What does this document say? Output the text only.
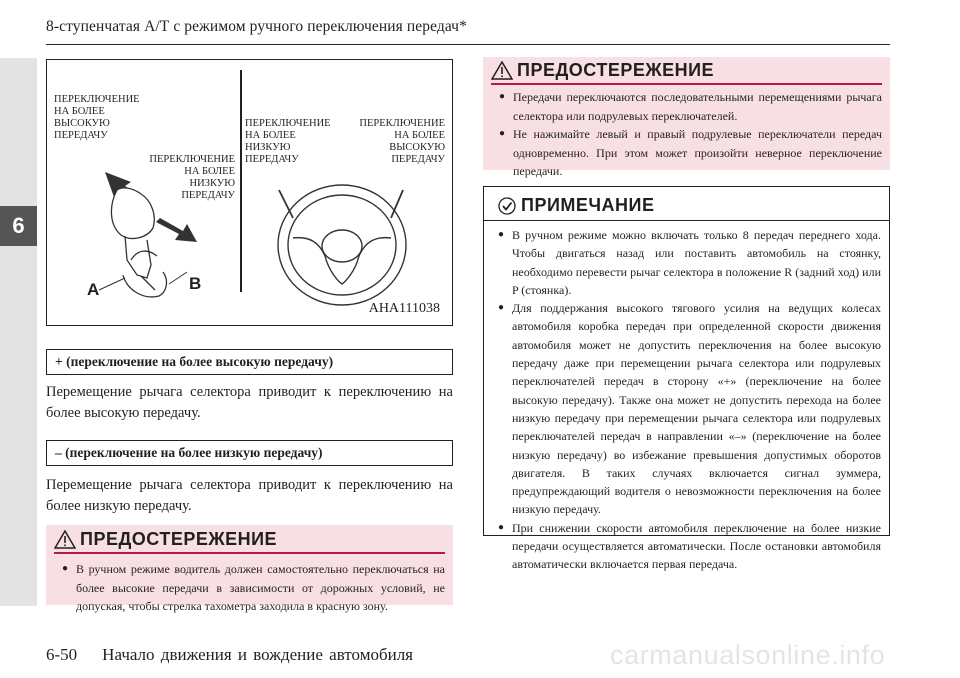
8-ступенчатая А/Т с режимом ручного переключения передач*
6
ПЕРЕКЛЮЧЕНИЕ
НА БОЛЕЕ
ВЫСОКУЮ
ПЕРЕДАЧУ
ПЕРЕКЛЮЧЕНИЕ
НА БОЛЕЕ
НИЗКУЮ
ПЕРЕДАЧУ
ПЕРЕКЛЮЧЕНИЕ
НА БОЛЕЕ
НИЗКУЮ
ПЕРЕДАЧУ
ПЕРЕКЛЮЧЕНИЕ
НА БОЛЕЕ
ВЫСОКУЮ
ПЕРЕДАЧУ
A	B
AHA111038
+ (переключение на более высокую передачу)
Перемещение рычага селектора приводит к переключению на более высокую передачу.
– (переключение на более низкую передачу)
Перемещение рычага селектора приводит к переключению на более низкую передачу.
ПРЕДОСТЕРЕЖЕНИЕ
● В ручном режиме водитель должен самостоятельно переключаться на более высокие передачи в зависимости от дорожных условий, не допуская, чтобы стрелка тахометра заходила в красную зону.
ПРЕДОСТЕРЕЖЕНИЕ
● Передачи переключаются последовательными перемещениями рычага селектора или подрулевых переключателей.
● Не нажимайте левый и правый подрулевые переключатели передач одновременно. При этом может произойти неверное переключение передачи.
ПРИМЕЧАНИЕ
● В ручном режиме можно включать только 8 передач переднего хода. Чтобы двигаться назад или поставить автомобиль на стоянку, необходимо перевести рычаг селектора в положение R (задний ход) или P (стоянка).
● Для поддержания высокого тягового усилия на ведущих колесах автомобиля коробка передач при определенной скорости движения автомобиля может не допустить переключения на более высокую передачу даже при перемещении рычага селектора или подрулевых переключателей передач в сторону «+» (переключение на более высокую передачу). Также она может не допустить перехода на более низкую передачу при перемещении рычага селектора или подрулевых переключателей передач в направлении «–» (переключение на более низкую передачу) во избежание превышения допустимых оборотов двигателя. В таких случаях включается сигнал зуммера, предупреждающий водителя о невозможности переключения на более низкую передачу.
● При снижении скорости автомобиля переключение на более низкие передачи осуществляется автоматически. После остановки автомобиля автоматически включается первая передача.
6-50 Начало движения и вождение автомобиля	carmanualsonline.info
